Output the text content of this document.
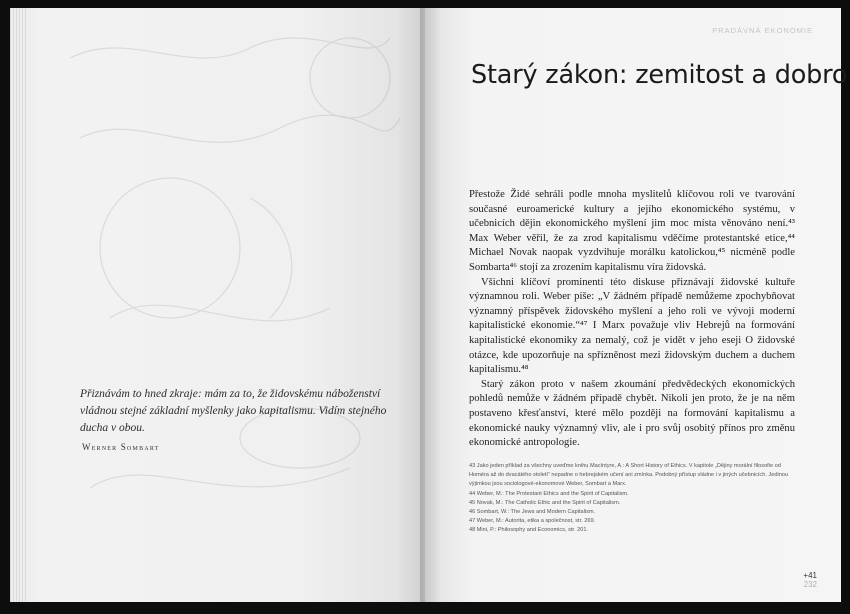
Přiznávám to hned zkraje: mám za to, že židovskému náboženství vládnou stejné základní myšlenky jako kapitalismu. Vidím stejného ducha v obou.
Werner Sombart
PRADÁVNÁ EKONOMIE
Starý zákon: zemitost a dobro

Přestože Židé sehráli podle mnoha myslitelů klíčovou roli ve tvarování současné euroamerické kultury a jejího ekonomického systému, v učebnicích dějin ekonomického myšlení jim moc místa věnováno není.⁴³ Max Weber věřil, že za zrod kapitalismu vděčíme protestantské etice,⁴⁴ Michael Novak naopak vyzdvihuje morálku katolickou,⁴⁵ nicméně podle Sombarta⁴⁶ stojí za zrozením kapitalismu víra židovská.

Všichni klíčoví prominenti této diskuse přiznávají židovské kultuře významnou roli. Weber píše: „V žádném případě nemůžeme zpochybňovat významný příspěvek židovského myšlení a jeho roli ve vývoji moderní kapitalistické ekonomie.“⁴⁷ I Marx považuje vliv Hebrejů na formování kapitalistické ekonomiky za nemalý, což je vidět v jeho eseji O židovské otázce, kde upozorňuje na spřízněnost mezi židovským duchem a duchem kapitalismu.⁴⁸

Starý zákon proto v našem zkoumání předvědeckých ekonomických pohledů nemůže v žádném případě chybět. Nikoli jen proto, že je na něm postaveno křesťanství, které mělo později na formování kapitalismu a ekonomické nauky významný vliv, ale i pro svůj osobitý přínos pro změnu ekonomické antropologie.

43 Jako jeden příklad za všechny uveďme knihu MacIntyre, A.: A Short History of Ethics. V kapitole „Dějiny morální filosofie od Homéra až do dvacátého století“ nepadne o hebrejském učení ani zmínka. Podobný přístup vládne i v jiných učebnicích. Jedinou výjimkou jsou sociologové-ekonomové Weber, Sombart a Marx.
44 Weber, M.: The Protestant Ethics and the Spirit of Capitalism.
45 Novak, M.: The Catholic Ethic and the Spirit of Capitalism.
46 Sombart, W.: The Jews and Modern Capitalism.
47 Weber, M.: Autorita, etika a společnost, str. 269.
48 Mini, P.: Philosophy and Economics, str. 201.
+41
232
